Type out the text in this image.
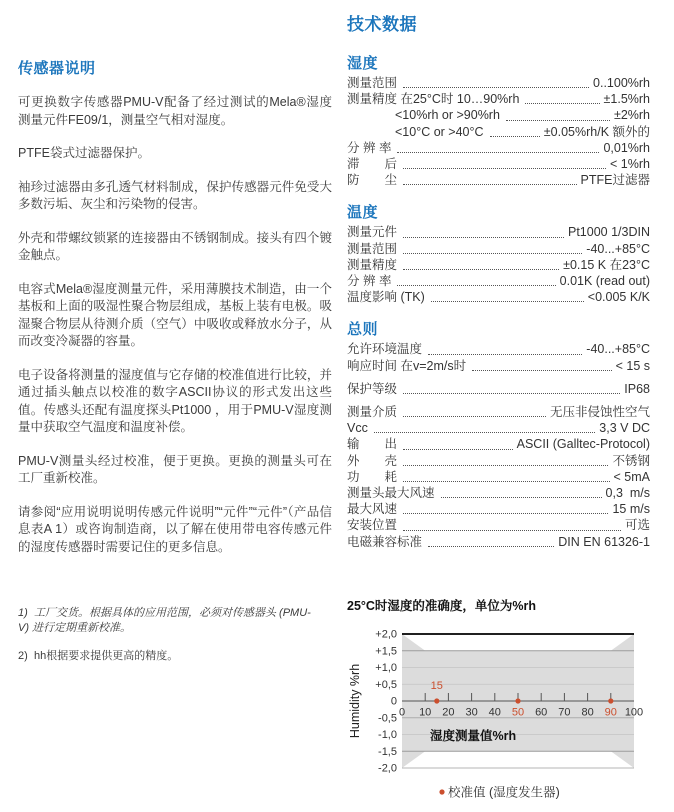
传感器说明

可更换数字传感器PMU-V配备了经过测试的Mela®湿度测量元件FE09/1，测量空气相对湿度。

PTFE袋式过滤器保护。

袖珍过滤器由多孔透气材料制成，保护传感器元件免受大多数污垢、灰尘和污染物的侵害。

外壳和带螺纹锁紧的连接器由不锈钢制成。接头有四个镀金触点。

电容式Mela®湿度测量元件，采用薄膜技术制造，由一个基板和上面的吸湿性聚合物层组成，基板上装有电极。吸湿聚合物层从待测介质（空气）中吸收或释放水分子，从而改变冷凝器的容量。

电子设备将测量的湿度值与它存储的校准值进行比较，并通过插头触点以校准的数字ASCII协议的形式发出这些值。传感头还配有温度探头Pt1000 ，用于PMU-V湿度测量中获取空气温度和温度补偿。

PMU-V测量头经过校准，便于更换。更换的测量头可在工厂重新校准。

请参阅“应用说明说明传感元件说明”“元件”“元件”（产品信息表A 1）或咨询制造商，以了解在使用带电容传感元件的湿度传感器时需要记住的更多信息。

1) 工厂交货。根据具体的应用范围，必须对传感器头 (PMU-V) 进行定期重新校准。

2) hh根据要求提供更高的精度。

技术数据
湿度
测量范围	0..100%rh
测量精度 在25°C时 10…90%rh	±1.5%rh
<10%rh or >90%rh	±2%rh
<10°C or >40°C	±0.05%rh/K 额外的
分 辨 率	0,01%rh
滞　　后	< 1%rh
防　　尘	PTFE过滤器
温度
测量元件	Pt1000 1/3DIN
测量范围	-40...+85°C
测量精度	±0.15 K 在23°C
分 辨 率	0.01K (read out)
温度影响 (TK)	<0.005 K/K
总则
允许环境温度	-40...+85°C
响应时间 在v=2m/s时	< 15 s
保护等级	IP68
测量介质	无压非侵蚀性空气
Vcc	3,3 V DC
输　　出	ASCII (Galltec-Protocol)
外　　壳	不锈钢
功　　耗	< 5mA
测量头最大风速	0,3  m/s
最大风速	15 m/s
安装位置	可选
电磁兼容标准	DIN EN 61326-1
25°C时湿度的准确度，单位为%rh
+2,0
+1,5
+1,0
+0,5
0
-0,5
-1,0
-1,5
-2,0
0 10 20 30 40 50 60 70 80 90 100
15
湿度测量值%rh
Humidity %rh
校准值 (湿度发生器)
